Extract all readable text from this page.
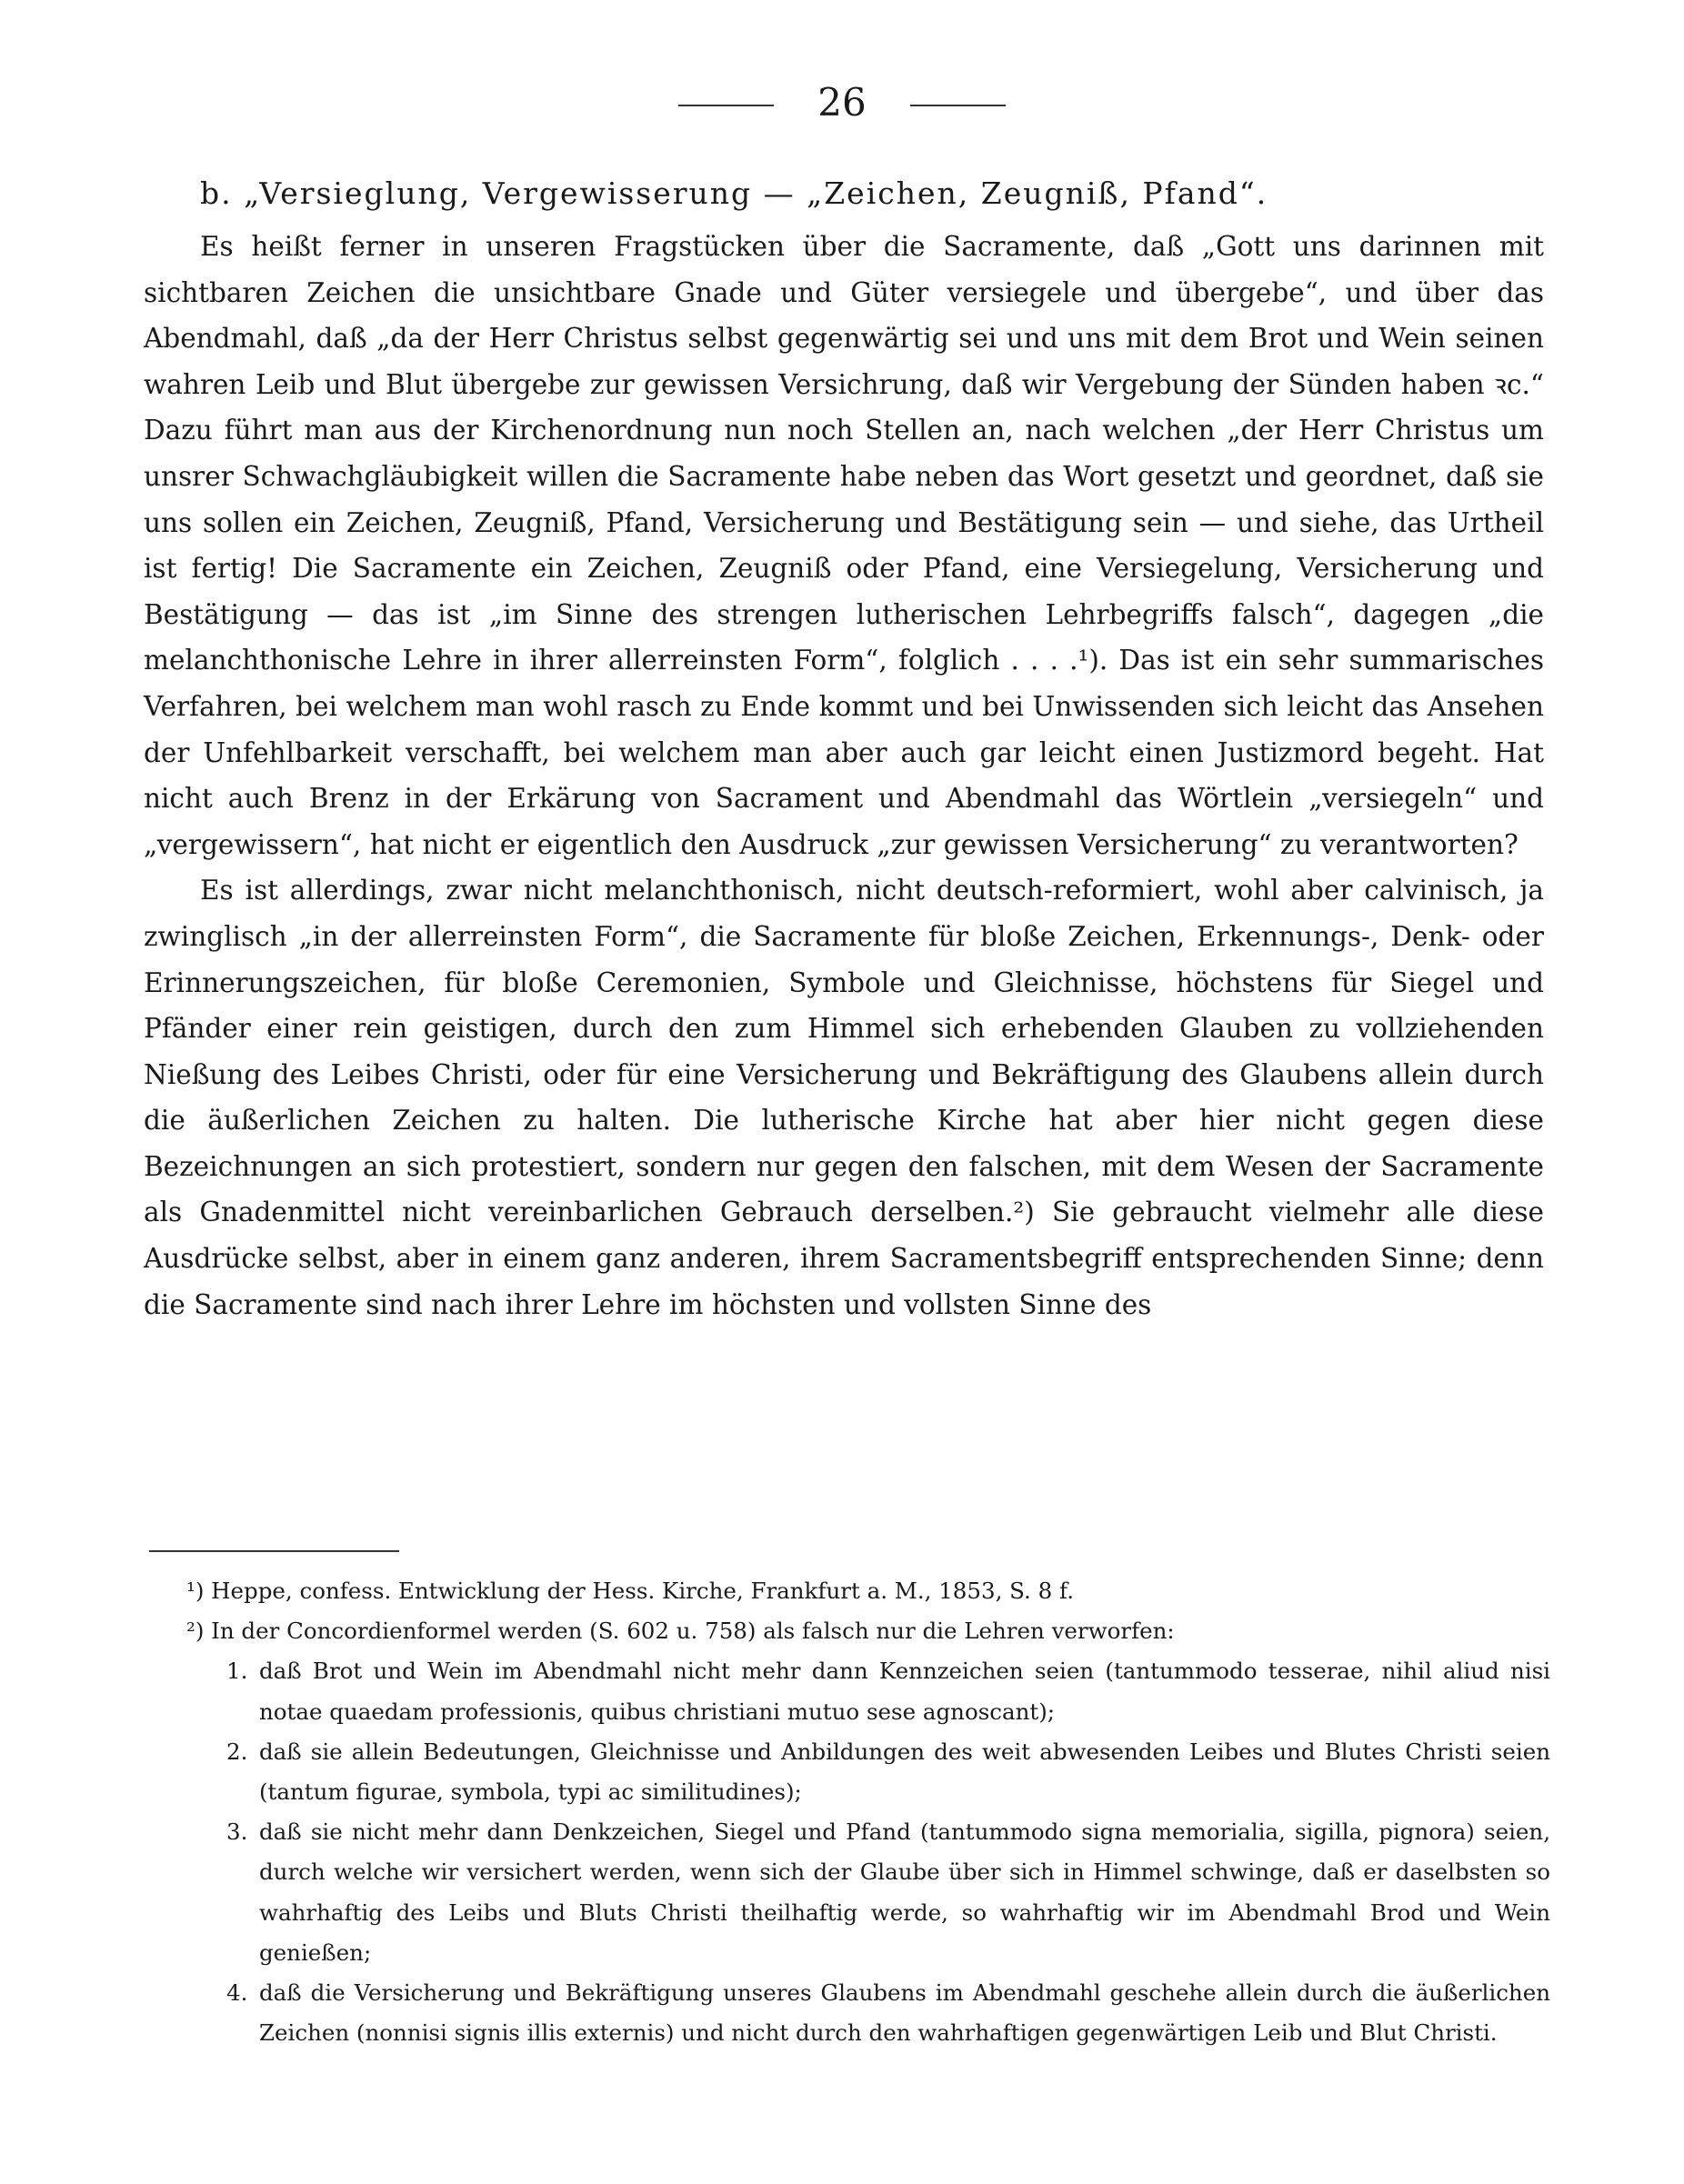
26
b. „Versieglung, Vergewisserung — „Zeichen, Zeugniß, Pfand“.

Es heißt ferner in unseren Fragstücken über die Sacramente, daß „Gott uns darinnen mit sichtbaren Zeichen die unsichtbare Gnade und Güter versiegele und übergebe“, und über das Abendmahl, daß „da der Herr Christus selbst gegenwärtig sei und uns mit dem Brot und Wein seinen wahren Leib und Blut übergebe zur gewissen Versichrung, daß wir Vergebung der Sünden haben ꝛc.“ Dazu führt man aus der Kirchenordnung nun noch Stellen an, nach welchen „der Herr Christus um unsrer Schwachgläubigkeit willen die Sacramente habe neben das Wort gesetzt und geordnet, daß sie uns sollen ein Zeichen, Zeugniß, Pfand, Versicherung und Bestätigung sein — und siehe, das Urtheil ist fertig! Die Sacramente ein Zeichen, Zeugniß oder Pfand, eine Versiegelung, Versicherung und Bestätigung — das ist „im Sinne des strengen lutherischen Lehrbegriffs falsch“, dagegen „die melanchthonische Lehre in ihrer allerreinsten Form“, folglich . . . .¹). Das ist ein sehr summarisches Verfahren, bei welchem man wohl rasch zu Ende kommt und bei Unwissenden sich leicht das Ansehen der Unfehlbarkeit verschafft, bei welchem man aber auch gar leicht einen Justizmord begeht. Hat nicht auch Brenz in der Erkärung von Sacrament und Abendmahl das Wörtlein „versiegeln“ und „vergewissern“, hat nicht er eigentlich den Ausdruck „zur gewissen Versicherung“ zu verantworten?

Es ist allerdings, zwar nicht melanchthonisch, nicht deutsch-reformiert, wohl aber calvinisch, ja zwinglisch „in der allerreinsten Form“, die Sacramente für bloße Zeichen, Erkennungs-, Denk- oder Erinnerungszeichen, für bloße Ceremonien, Symbole und Gleichnisse, höchstens für Siegel und Pfänder einer rein geistigen, durch den zum Himmel sich erhebenden Glauben zu vollziehenden Nießung des Leibes Christi, oder für eine Versicherung und Bekräftigung des Glaubens allein durch die äußerlichen Zeichen zu halten. Die lutherische Kirche hat aber hier nicht gegen diese Bezeichnungen an sich protestiert, sondern nur gegen den falschen, mit dem Wesen der Sacramente als Gnadenmittel nicht vereinbarlichen Gebrauch derselben.²) Sie gebraucht vielmehr alle diese Ausdrücke selbst, aber in einem ganz anderen, ihrem Sacramentsbegriff entsprechenden Sinne; denn die Sacramente sind nach ihrer Lehre im höchsten und vollsten Sinne des

¹) Heppe, confess. Entwicklung der Hess. Kirche, Frankfurt a. M., 1853, S. 8 f.

²) In der Concordienformel werden (S. 602 u. 758) als falsch nur die Lehren verworfen:

1. daß Brot und Wein im Abendmahl nicht mehr dann Kennzeichen seien (tantummodo tesserae, nihil aliud nisi notae quaedam professionis, quibus christiani mutuo sese agnoscant);
2. daß sie allein Bedeutungen, Gleichnisse und Anbildungen des weit abwesenden Leibes und Blutes Christi seien (tantum figurae, symbola, typi ac similitudines);
3. daß sie nicht mehr dann Denkzeichen, Siegel und Pfand (tantummodo signa memorialia, sigilla, pignora) seien, durch welche wir versichert werden, wenn sich der Glaube über sich in Himmel schwinge, daß er daselbsten so wahrhaftig des Leibs und Bluts Christi theilhaftig werde, so wahrhaftig wir im Abendmahl Brod und Wein genießen;
4. daß die Versicherung und Bekräftigung unseres Glaubens im Abendmahl geschehe allein durch die äußerlichen Zeichen (nonnisi signis illis externis) und nicht durch den wahrhaftigen gegenwärtigen Leib und Blut Christi.
